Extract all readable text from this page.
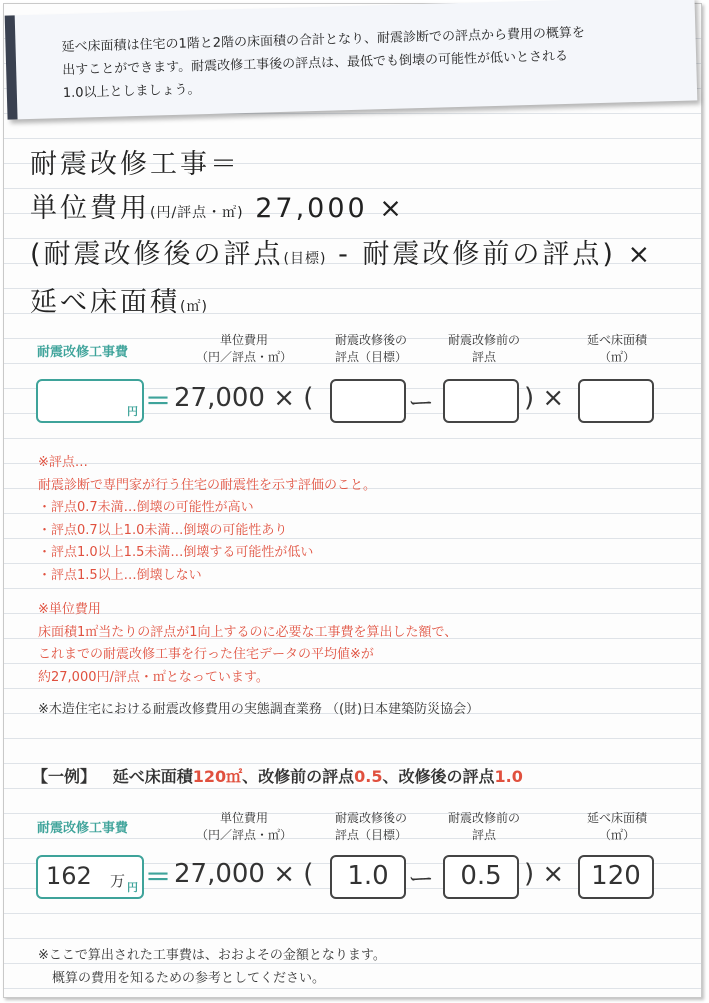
延べ床面積は住宅の1階と2階の床面積の合計となり、耐震診断での評点から費用の概算を
出すことができます。耐震改修工事後の評点は、最低でも倒壊の可能性が低いとされる
1.0以上としましょう。
耐震改修工事＝
単位費用(円/評点・㎡) 27,000 ×
(耐震改修後の評点(目標) - 耐震改修前の評点) ×
延べ床面積(㎡)
耐震改修工事費
単位費用
（円／評点・㎡）
耐震改修後の
評点（目標）
耐震改修前の
評点
延べ床面積
（㎡）
円 ＝ 27,000 × (	ー	) ×
※評点…
耐震診断で専門家が行う住宅の耐震性を示す評価のこと。
・評点0.7未満…倒壊の可能性が高い
・評点0.7以上1.0未満…倒壊の可能性あり
・評点1.0以上1.5未満…倒壊する可能性が低い
・評点1.5以上…倒壊しない
※単位費用
床面積1㎡当たりの評点が1向上するのに必要な工事費を算出した額で、
これまでの耐震改修工事を行った住宅データの平均値※が
約27,000円/評点・㎡となっています。
※木造住宅における耐震改修費用の実態調査業務 （(財)日本建築防災協会）
【一例】 延べ床面積120㎡、改修前の評点0.5、改修後の評点1.0
耐震改修工事費
単位費用
（円／評点・㎡）
耐震改修後の
評点（目標）
耐震改修前の
評点
延べ床面積
（㎡）
162 万 円 ＝ 27,000 × (	1.0 ー	0.5 ) ×	120
※ここで算出された工事費は、おおよその金額となります。
概算の費用を知るための参考としてください。
